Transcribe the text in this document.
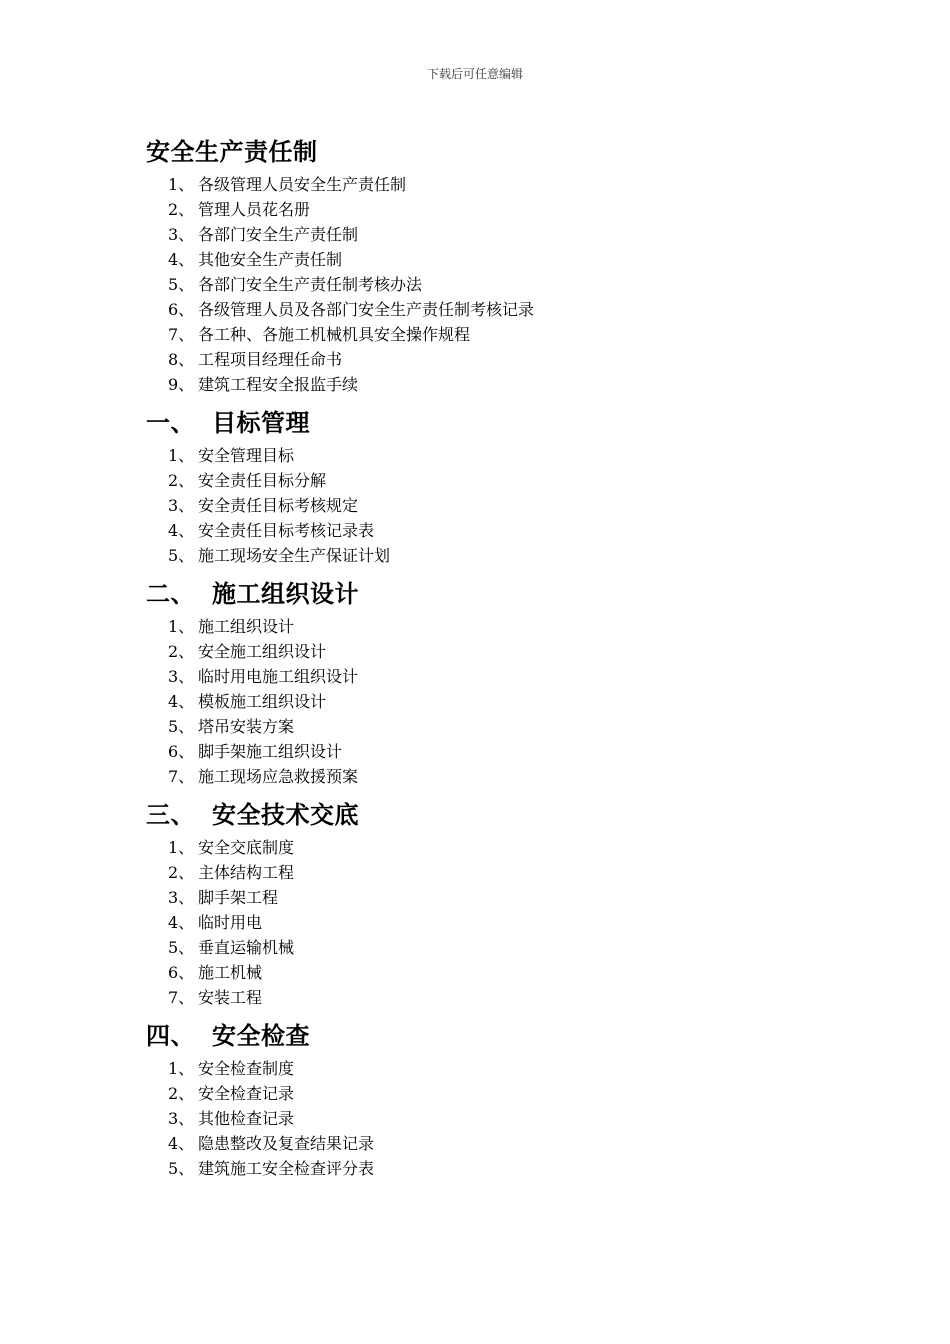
下载后可任意编辑
安全生产责任制
1、 各级管理人员安全生产责任制
2、 管理人员花名册
3、 各部门安全生产责任制
4、 其他安全生产责任制
5、 各部门安全生产责任制考核办法
6、 各级管理人员及各部门安全生产责任制考核记录
7、 各工种、各施工机械机具安全操作规程
8、 工程项目经理任命书
9、 建筑工程安全报监手续
一、 目标管理
1、 安全管理目标
2、 安全责任目标分解
3、 安全责任目标考核规定
4、 安全责任目标考核记录表
5、 施工现场安全生产保证计划
二、 施工组织设计
1、 施工组织设计
2、 安全施工组织设计
3、 临时用电施工组织设计
4、 模板施工组织设计
5、 塔吊安装方案
6、 脚手架施工组织设计
7、 施工现场应急救援预案
三、 安全技术交底
1、 安全交底制度
2、 主体结构工程
3、 脚手架工程
4、 临时用电
5、 垂直运输机械
6、 施工机械
7、 安装工程
四、 安全检查
1、 安全检查制度
2、 安全检查记录
3、 其他检查记录
4、 隐患整改及复查结果记录
5、 建筑施工安全检查评分表
